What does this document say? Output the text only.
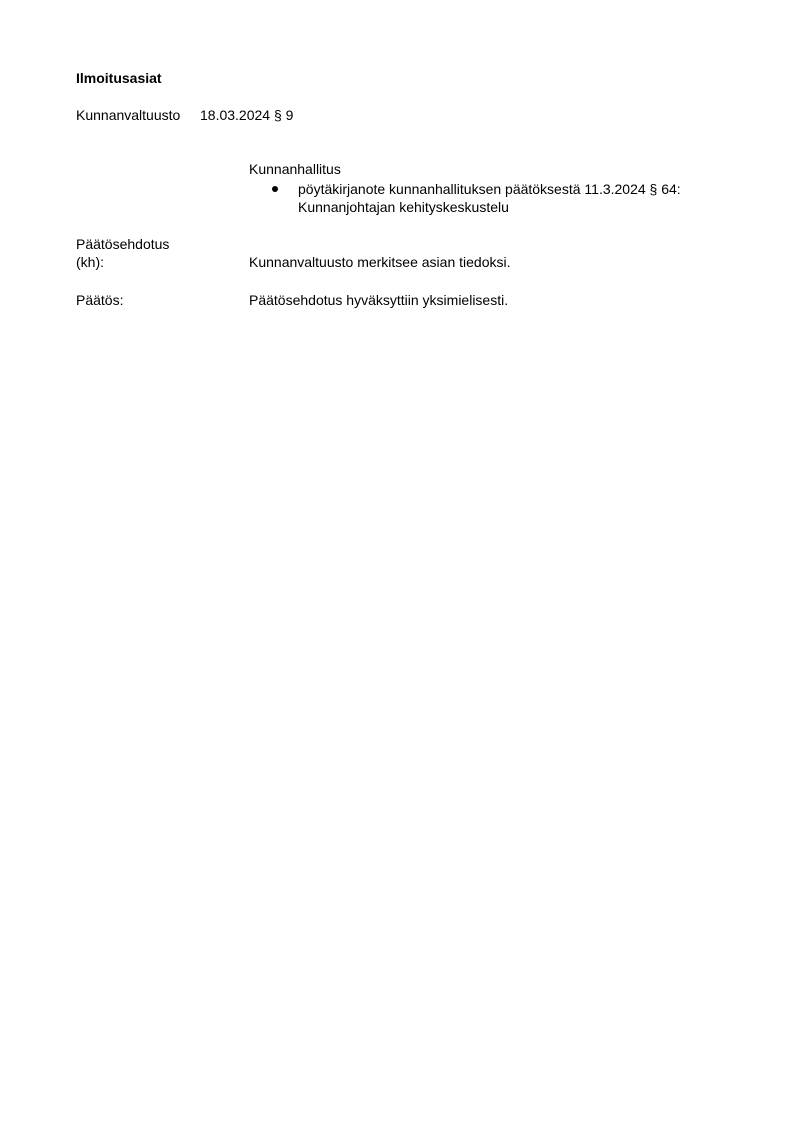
Ilmoitusasiat
Kunnanvaltuusto 18.03.2024 § 9
Kunnanhallitus
pöytäkirjanote kunnanhallituksen päätöksestä 11.3.2024 § 64:
Kunnanjohtajan kehityskeskustelu
Päätösehdotus
(kh):	Kunnanvaltuusto merkitsee asian tiedoksi.
Päätös:	Päätösehdotus hyväksyttiin yksimielisesti.
